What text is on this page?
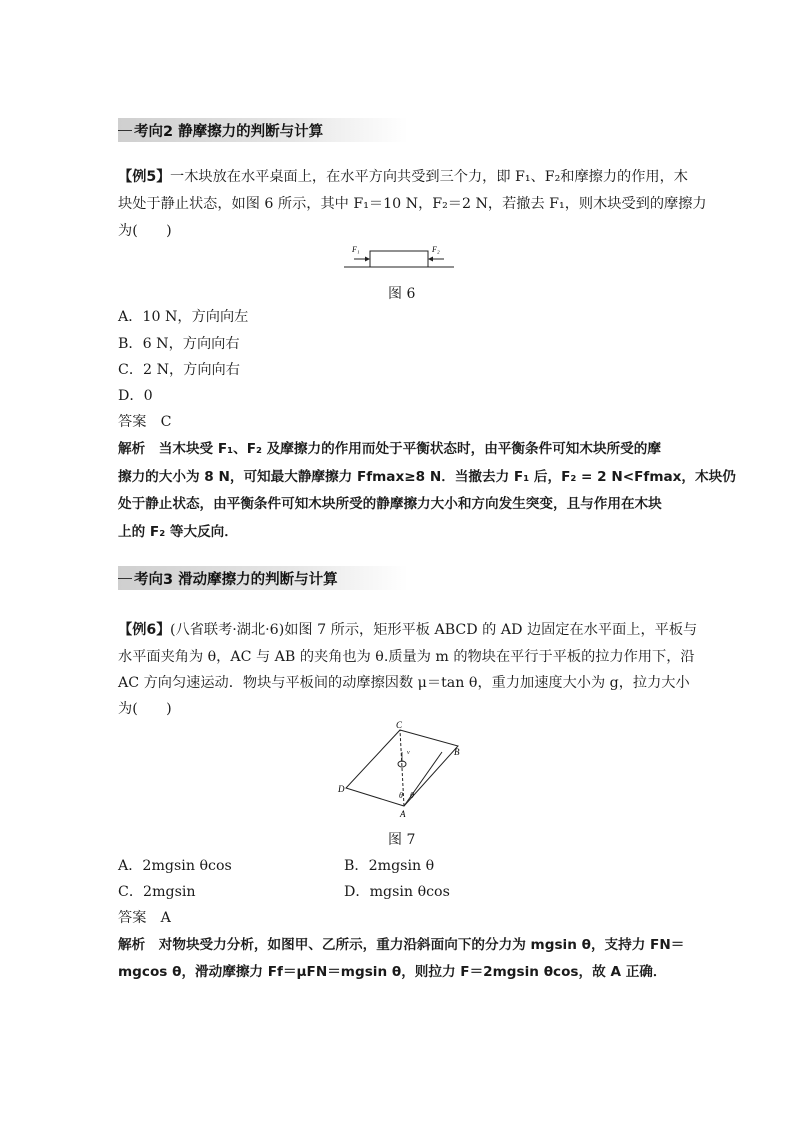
考向2 静摩擦力的判断与计算
一木块放在水平桌面上，在水平方向共受到三个力，即 F₁、F₂和摩擦力的作用，木
【例5】
块处于静止状态，如图 6 所示，其中 F₁＝10 N，F₂＝2 N，若撤去 F₁，则木块受到的摩擦力
为(　　)
F₁	F₂
图 6
A．10 N，方向向左
B．6 N，方向向右
C．2 N，方向向右
D．0
答案　C
解析　当木块受 F₁、F₂ 及摩擦力的作用而处于平衡状态时，由平衡条件可知木块所受的摩
擦力的大小为 8 N，可知最大静摩擦力 Ffmax≥8 N．当撤去力 F₁ 后，F₂ = 2 N<Ffmax，木块仍
处于静止状态，由平衡条件可知木块所受的静摩擦力大小和方向发生突变，且与作用在木块
上的 F₂ 等大反向．
考向3 滑动摩擦力的判断与计算
【例6】 (八省联考·湖北·6)如图 7 所示，矩形平板 ABCD 的 AD 边固定在水平面上，平板与
水平面夹角为 θ，AC 与 AB 的夹角也为 θ.质量为 m 的物块在平行于平板的拉力作用下，沿
AC 方向匀速运动．物块与平板间的动摩擦因数 μ＝tan θ，重力加速度大小为 g，拉力大小
为(　　)
C
B
D
A
v
θ θ
图 7
A．2mgsin θcos	B．2mgsin θ
C．2mgsin	D．mgsin θcos
答案　A
解析　对物块受力分析，如图甲、乙所示，重力沿斜面向下的分力为 mgsin θ，支持力 FN＝
mgcos θ，滑动摩擦力 Ff＝μFN＝mgsin θ，则拉力 F＝2mgsin θcos，故 A 正确．
